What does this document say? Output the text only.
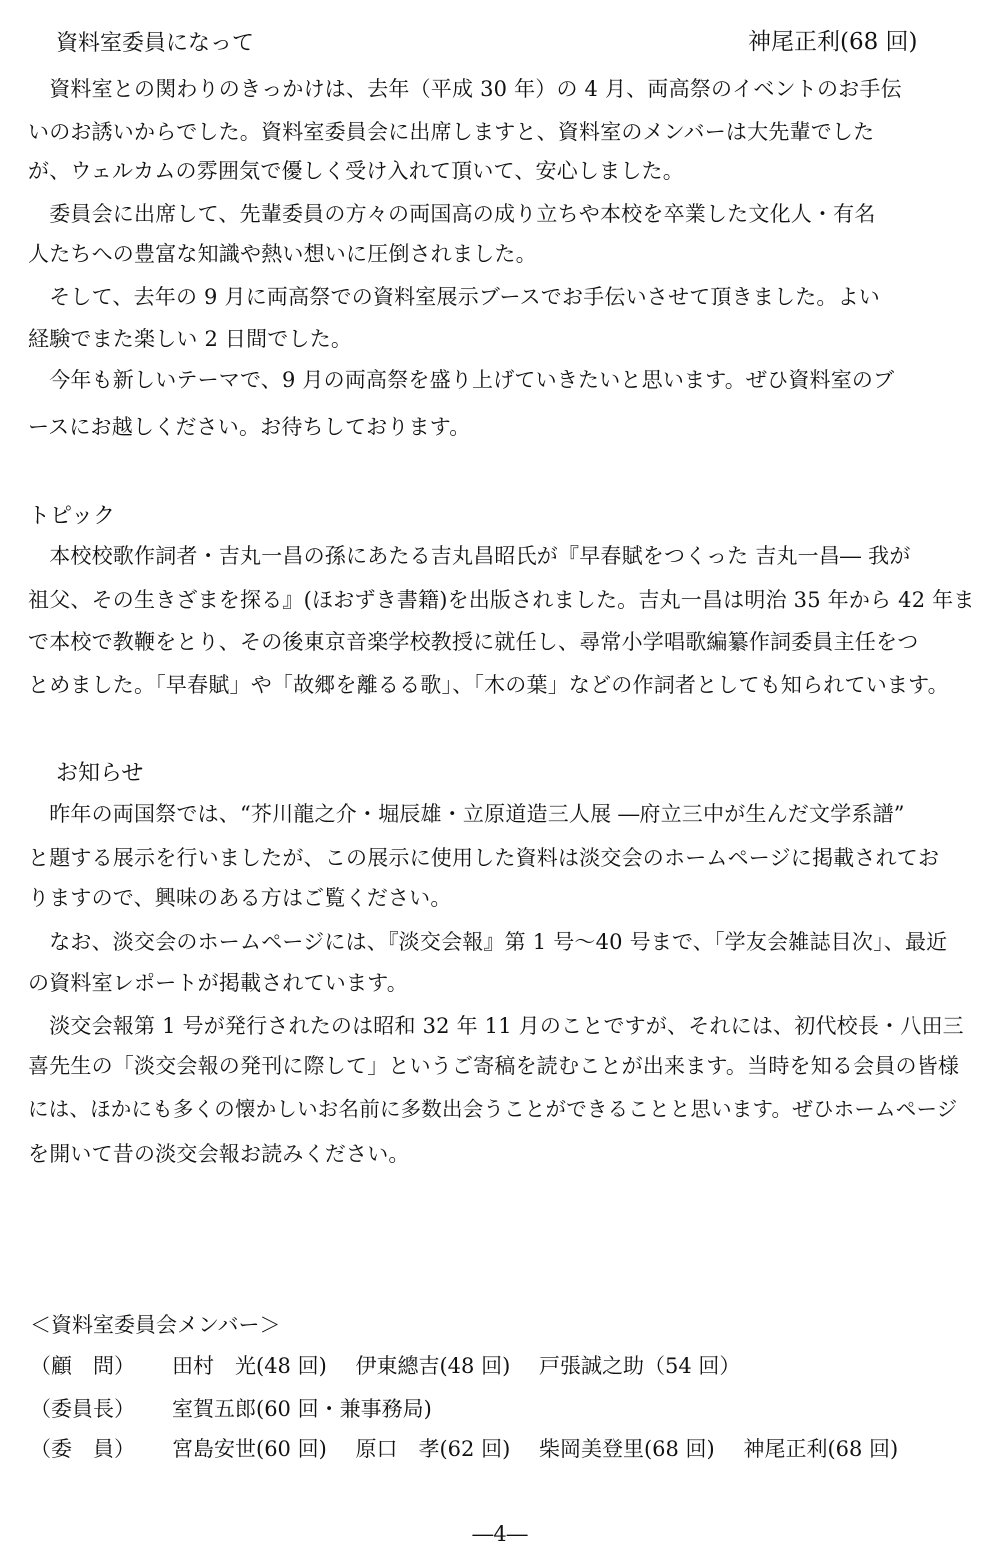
資料室委員になって	神尾正利(68 回)
　資料室との関わりのきっかけは、去年（平成 30 年）の 4 月、両高祭のイベントのお手伝
いのお誘いからでした。資料室委員会に出席しますと、資料室のメンバーは大先輩でした
が、ウェルカムの雰囲気で優しく受け入れて頂いて、安心しました。
　委員会に出席して、先輩委員の方々の両国高の成り立ちや本校を卒業した文化人・有名
人たちへの豊富な知識や熱い想いに圧倒されました。
　そして、去年の 9 月に両高祭での資料室展示ブースでお手伝いさせて頂きました。よい
経験でまた楽しい 2 日間でした。
　今年も新しいテーマで、9 月の両高祭を盛り上げていきたいと思います。ぜひ資料室のブ
ースにお越しください。お待ちしております。
トピック
　本校校歌作詞者・吉丸一昌の孫にあたる吉丸昌昭氏が『早春賦をつくった 吉丸一昌― 我が
祖父、その生きざまを探る』(ほおずき書籍)を出版されました。吉丸一昌は明治 35 年から 42 年ま
で本校で教鞭をとり、その後東京音楽学校教授に就任し、尋常小学唱歌編纂作詞委員主任をつ
とめました。「早春賦」や「故郷を離るる歌」、「木の葉」などの作詞者としても知られています。
お知らせ
　昨年の両国祭では、“芥川龍之介・堀辰雄・立原道造三人展 ―府立三中が生んだ文学系譜”
と題する展示を行いましたが、この展示に使用した資料は淡交会のホームページに掲載されてお
りますので、興味のある方はご覧ください。
　なお、淡交会のホームページには、『淡交会報』第 1 号～40 号まで、「学友会雑誌目次」、最近
の資料室レポートが掲載されています。
　淡交会報第 1 号が発行されたのは昭和 32 年 11 月のことですが、それには、初代校長・八田三
喜先生の「淡交会報の発刊に際して」というご寄稿を読むことが出来ます。当時を知る会員の皆様
には、ほかにも多くの懐かしいお名前に多数出会うことができることと思います。ぜひホームページ
を開いて昔の淡交会報お読みください。
＜資料室委員会メンバー＞
（顧　問） 田村　光(48 回) 伊東總吉(48 回) 戸張誠之助（54 回）
（委員長） 室賀五郎(60 回・兼事務局)
（委　員） 宮島安世(60 回) 原口　孝(62 回) 柴岡美登里(68 回) 神尾正利(68 回)
―4―
